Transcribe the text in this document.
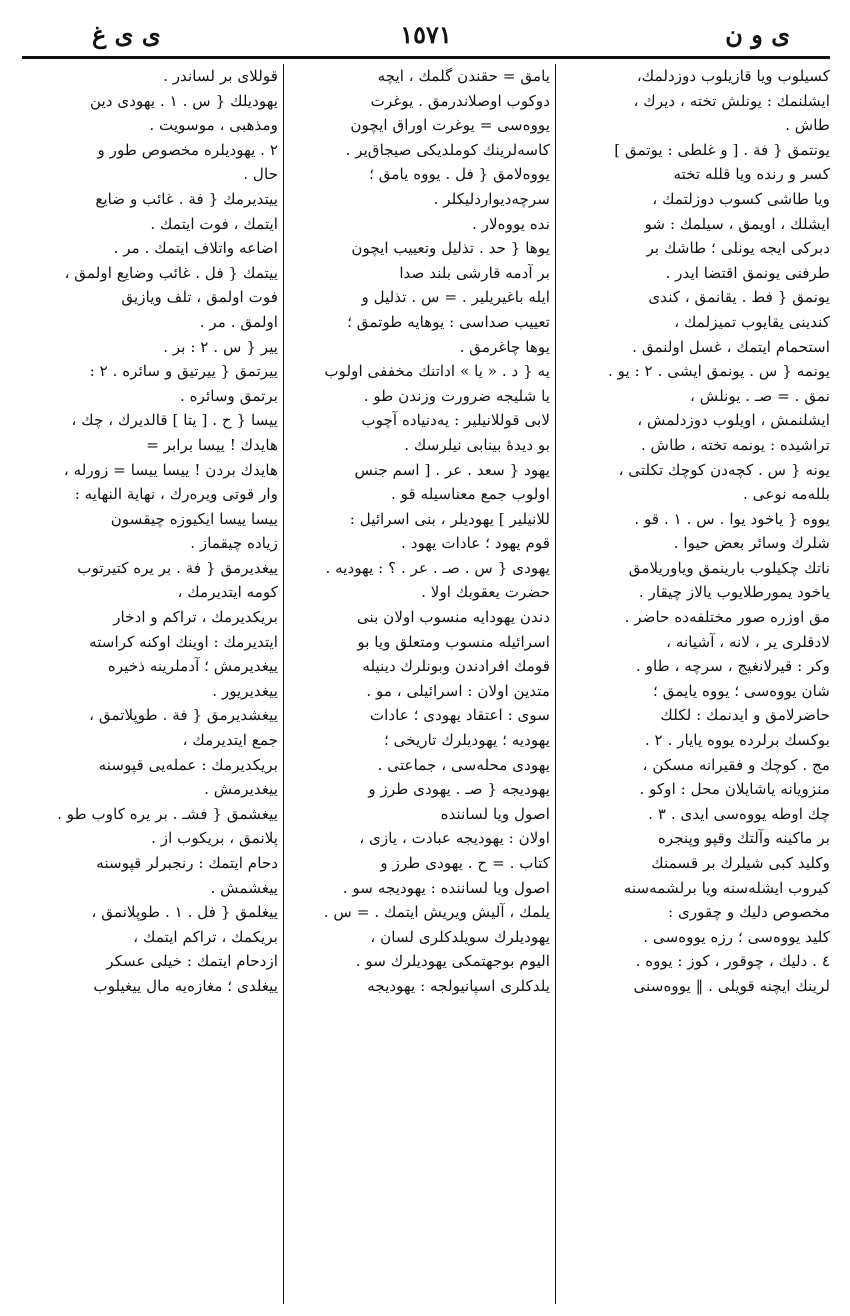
ی و ن
١٥٧١
ی ی غ
كسيلوب ويا قازيلوب دوزدلمك،
ايشلنمك : يونلش تخته ، ديرك ،
طاش .
يونتمق { فة . [ و غلطى : يوتمق ]
كسر و رنده ويا قلله تخته
ويا طاشى كسوب دوزلتمك ،
ايشلك ، اويمق ، سيلمك : شو
دبركى ايجه يونلى ؛ طاشك بر
طرفنى يونمق اقتضا ايدر .
يونمق { فط . يقانمق ، كندى
كندينى يقايوب تميزلمك ،
استحمام ايتمك ، غسل اولنمق .
يونمه { س . يونمق ايشى . ٢ : يو .
نمق . = صـ . يونلش ،
ايشلنمش ، اويلوب دوزدلمش ،
تراشيده : يونمه تخته ، طاش .
يونه { س . كچه‌دن كوچك تكلتى ،
بلله‌مه نوعى .
يووه { ياخود يوا . س . ١ . قو .
شلرك وسائر بعض حيوا .
ناتك چكيلوب بارينمق وياوريلامق
ياخود يمورطلايوب يالاز چيقار .
مق اوزره صور مختلفه‌ده حاضر .
لادقلرى ير ، لانه ، آشيانه ،
وكر : قيرلانغيج ، سرچه ، طاو .
شان يووه‌سى ؛ يووه يايمق ؛
حاضرلامق و ايدنمك : لكلك
بوكسك برلرده يووه يايار . ٢ .
مج . كوچك و فقيرانه مسكن ،
منزويانه ياشايلان محل : اوكو .
چك اوطه يووه‌سى ايدى . ٣ .
بر ماكينه وآلتك وقپو وپنجره
وكليد كبى شيلرك بر قسمنك
كيروب ايشله‌سنه ويا برلشمه‌سنه
مخصوص دليك و چقورى :
كليد يووه‌سى ؛ رزه يووه‌سى .
٤ . دليك ، چوقور ، كوز : يووه .
لرينك ايچنه قويلى . ‖ يووه‌سنى
يامق = حقندن گلمك ، ايچه
دوكوب اوصلاندرمق . يوغرت
يووه‌سى = يوغرت اوراق ايچون
كاسه‌لرينك كوملديكى صيجاق‌ير .
يووه‌لامق { فل . يووه يامق ؛
سرچه‌ديواردليكلر .
نده يووه‌لار .
يوها { حد . تذليل وتعييب ايچون
بر آدمه قارشى بلند صدا
ايله باغيريلير . = س . تذليل و
تعييب صداسى : يوهايه طوتمق ؛
يوها چاغرمق .
يه { د . « يا » اداتنك مخففى اولوب
يا شليجه ضرورت وزندن طو .
لابى قوللانيلير : يه‌دنياده آچوب
بو ديدهٔ بينابى نيلرسك .
يهود { سعد . عر . [ اسم جنس
اولوب جمع معناسيله قو .
للانيلير ] يهوديلر ، بنى اسرائيل :
قوم يهود ؛ عادات يهود .
يهودى { س . صـ . عر . ؟ : يهوديه .
حضرت يعقوبك اولا .
دندن يهودايه منسوب اولان بنى
اسرائيله منسوب ومتعلق ويا بو
قومك افرادندن وبونلرك دينيله
متدين اولان : اسرائيلى ، مو .
سوى : اعتقاد يهودى ؛ عادات
يهوديه ؛ يهوديلرك تاريخى ؛
يهودى محله‌سى ، جماعتى .
يهوديجه { صـ . يهودى طرز و
اصول ويا لساننده
اولان : يهوديجه عبادت ، يازى ،
كتاب . = ح . يهودى طرز و
اصول ويا لساننده : يهوديجه سو .
يلمك ، آليش ويريش ايتمك . = س .
يهوديلرك سويلدكلرى لسان ،
اليوم بوجهتمكى يهوديلرك سو .
يلدكلرى اسپانيولجه : يهوديجه
قوللاى بر لساندر .
يهوديلك { س . ١ . يهودى دين
ومذهبى ، موسويت .
٢ . يهوديلره مخصوص طور و
حال .
ييتديرمك { فة . غائب و ضايع
ايتمك ، فوت ايتمك .
اضاعه واتلاف ايتمك . مر .
ييتمك { فل . غائب وضايع اولمق ،
فوت اولمق ، تلف ويازيق
اولمق . مر .
يير { س . ٢ : بر .
ييرتمق { ييرتيق و سائره . ٢ :
برتمق وسائره .
ييسا { ح . [ يتا ] قالديرك ، چك ،
هايدك ! ييسا برابر =
هايدك بردن ! ييسا ييسا = زورله ،
وار قوتى ويرەرك ، نهاية النهايه :
ييسا ييسا ايكيوزه چيقسون
زياده چيقماز .
ييغديرمق { فة . بر يره كتيرتوب
كومه ايتديرمك ،
بريكديرمك ، تراكم و ادخار
ايتديرمك : اوينك اوكنه كراسته
ييغديرمش ؛ آدملرينه ذخيره
ييغديريور .
ييغشديرمق { فة . طوپلاتمق ،
جمع ايتديرمك ،
بريكديرمك : عمله‌يى قپوسنه
ييغديرمش .
ييغشمق { فشـ . بر يره كاوب طو .
پلانمق ، بريكوب از .
دحام ايتمك : رنجبرلر قپوسنه
ييغشمش .
ييغلمق { فل . ١ . طوپلانمق ،
بريكمك ، تراكم ايتمك ،
ازدحام ايتمك : خيلى عسكر
ييغلدى ؛ مغازه‌يه مال ييغيلوب
